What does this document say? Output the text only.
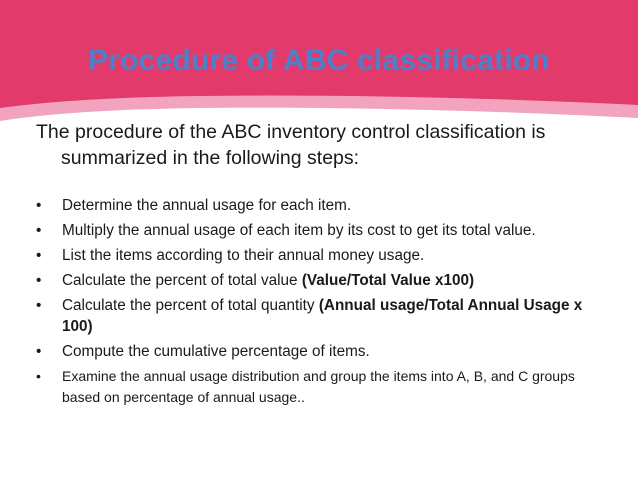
Procedure of ABC classification

The procedure of the ABC inventory control classification is summarized in the following steps:

• Determine the annual usage for each item.
• Multiply the annual usage of each item by its cost to get its total value.
• List the items according to their annual money usage.
• Calculate the percent of total value (Value/Total Value x100)
• Calculate the percent of total quantity (Annual usage/Total Annual Usage x 100)
• Compute the cumulative percentage of items.
• Examine the annual usage distribution and group the items into A, B, and C groups based on percentage of annual usage..
